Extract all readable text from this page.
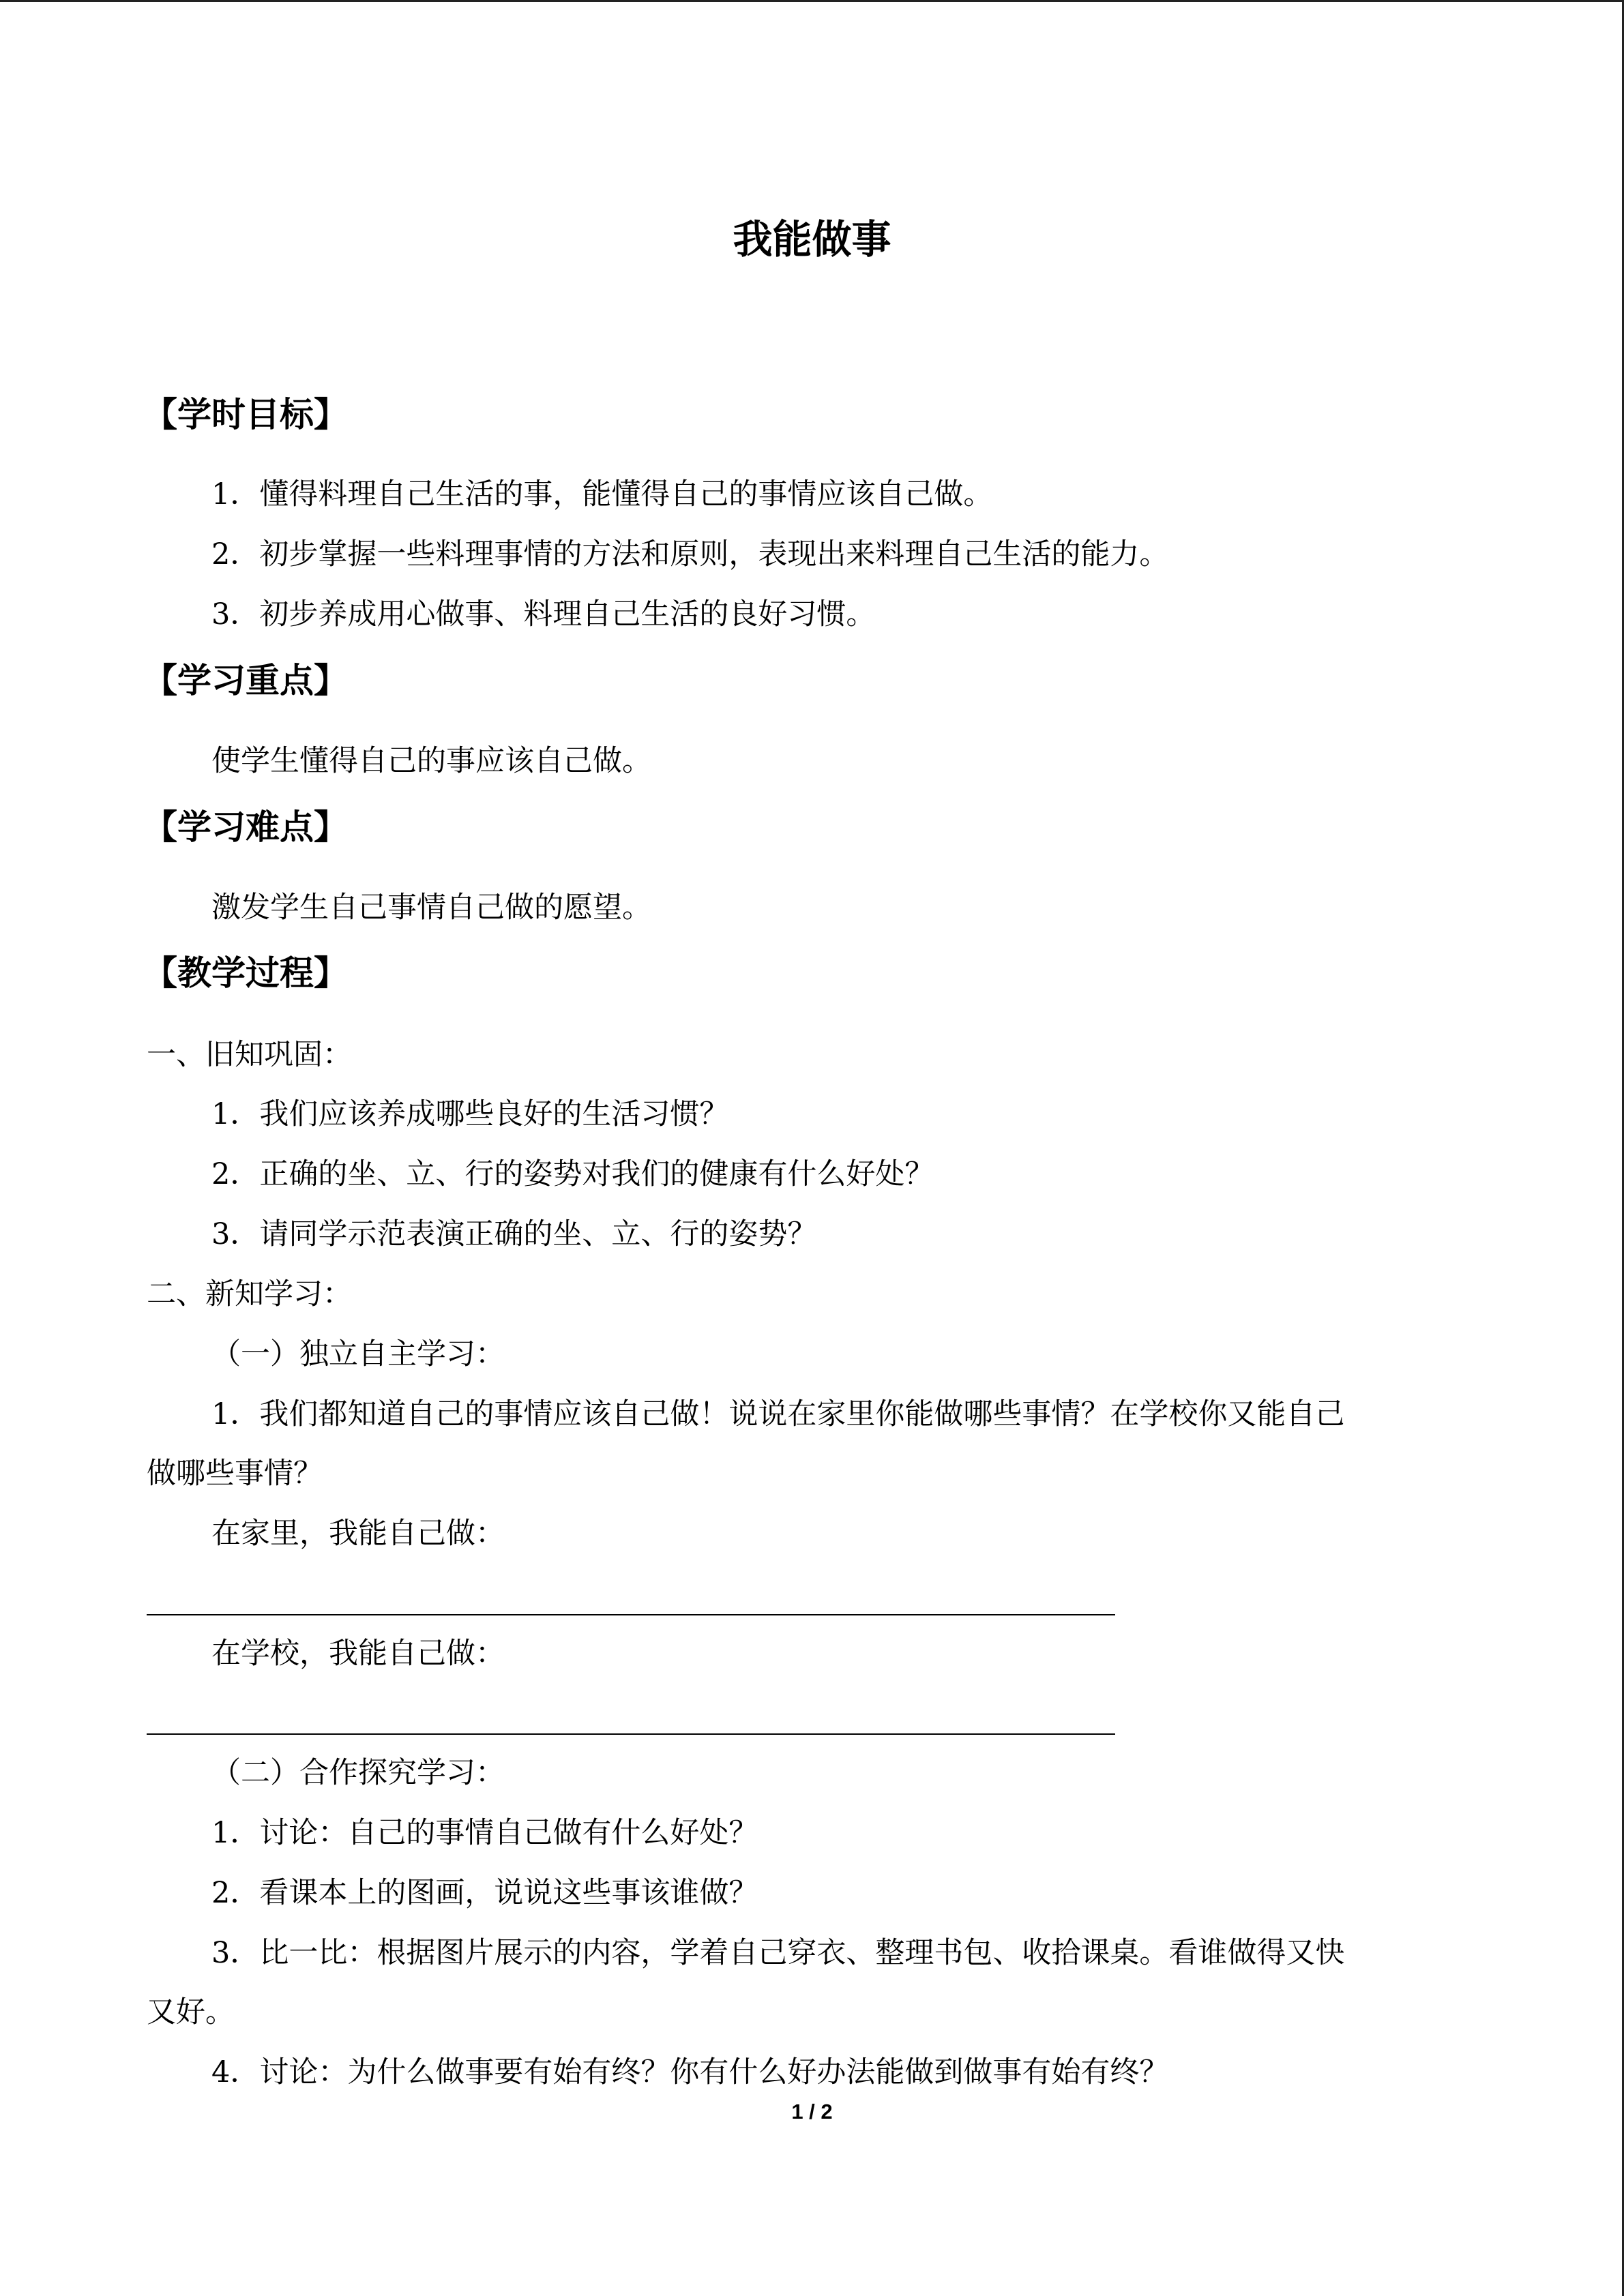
我能做事
【学时目标】
1．懂得料理自己生活的事，能懂得自己的事情应该自己做。
2．初步掌握一些料理事情的方法和原则，表现出来料理自己生活的能力。
3．初步养成用心做事、料理自己生活的良好习惯。
【学习重点】
使学生懂得自己的事应该自己做。
【学习难点】
激发学生自己事情自己做的愿望。
【教学过程】
一、旧知巩固：
1．我们应该养成哪些良好的生活习惯？
2．正确的坐、立、行的姿势对我们的健康有什么好处？
3．请同学示范表演正确的坐、立、行的姿势？
二、新知学习：
（一）独立自主学习：
1．我们都知道自己的事情应该自己做！说说在家里你能做哪些事情？在学校你又能自己
做哪些事情？
在家里，我能自己做：
在学校，我能自己做：
（二）合作探究学习：
1．讨论：自己的事情自己做有什么好处？
2．看课本上的图画，说说这些事该谁做？
3．比一比：根据图片展示的内容，学着自己穿衣、整理书包、收拾课桌。看谁做得又快
又好。
4．讨论：为什么做事要有始有终？你有什么好办法能做到做事有始有终？
1 / 2
